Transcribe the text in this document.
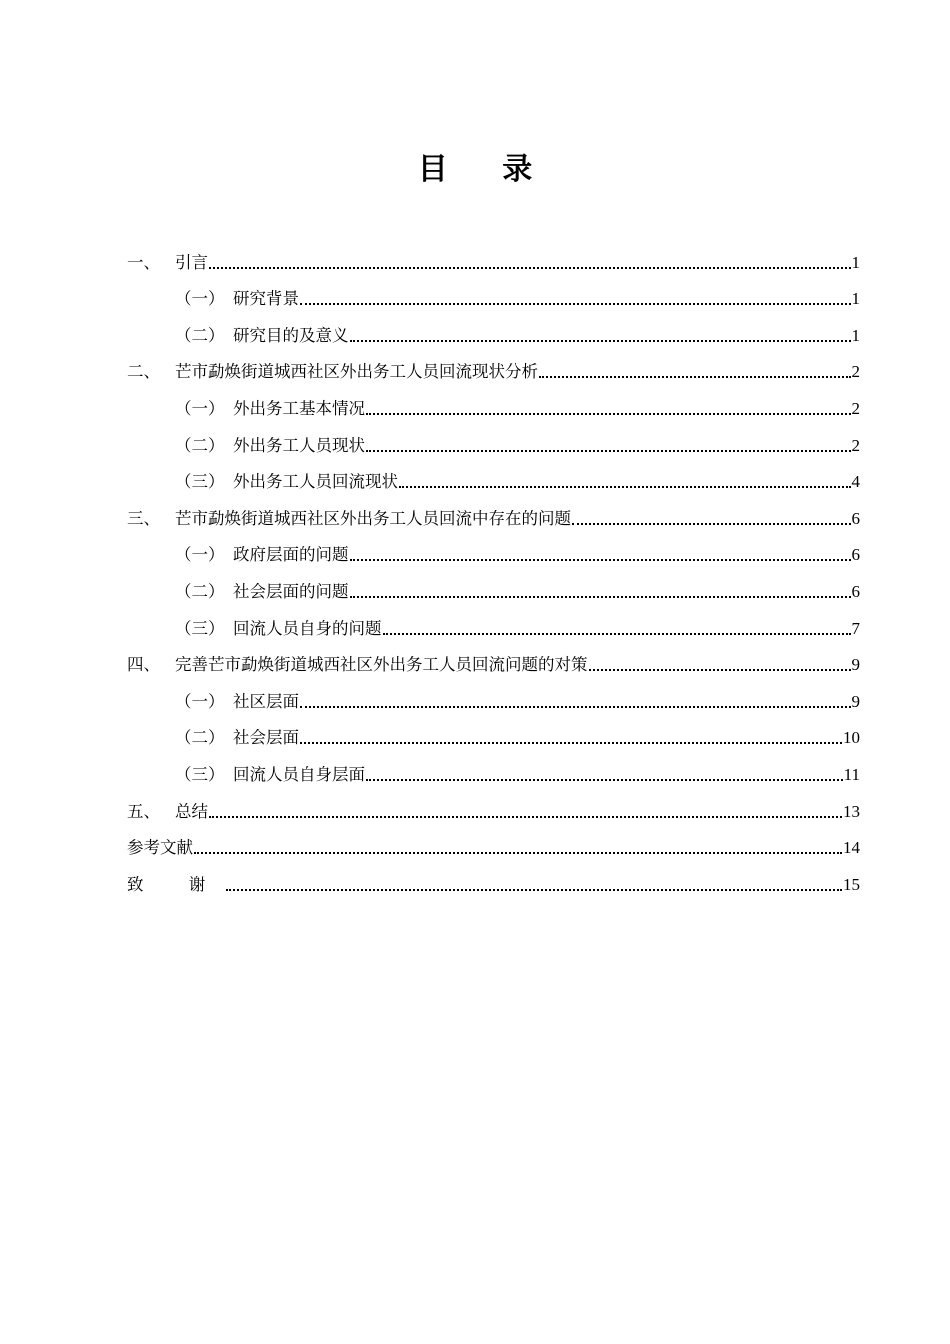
目 录
一、 引言	1
（一） 研究背景	1
（二） 研究目的及意义	1
二、 芒市勐焕街道城西社区外出务工人员回流现状分析	2
（一） 外出务工基本情况	2
（二） 外出务工人员现状	2
（三） 外出务工人员回流现状	4
三、 芒市勐焕街道城西社区外出务工人员回流中存在的问题	6
（一） 政府层面的问题	6
（二） 社会层面的问题	6
（三） 回流人员自身的问题	7
四、 完善芒市勐焕街道城西社区外出务工人员回流问题的对策	9
（一） 社区层面	9
（二） 社会层面	10
（三） 回流人员自身层面	11
五、 总结	13
参考文献	14
致 谢	15
